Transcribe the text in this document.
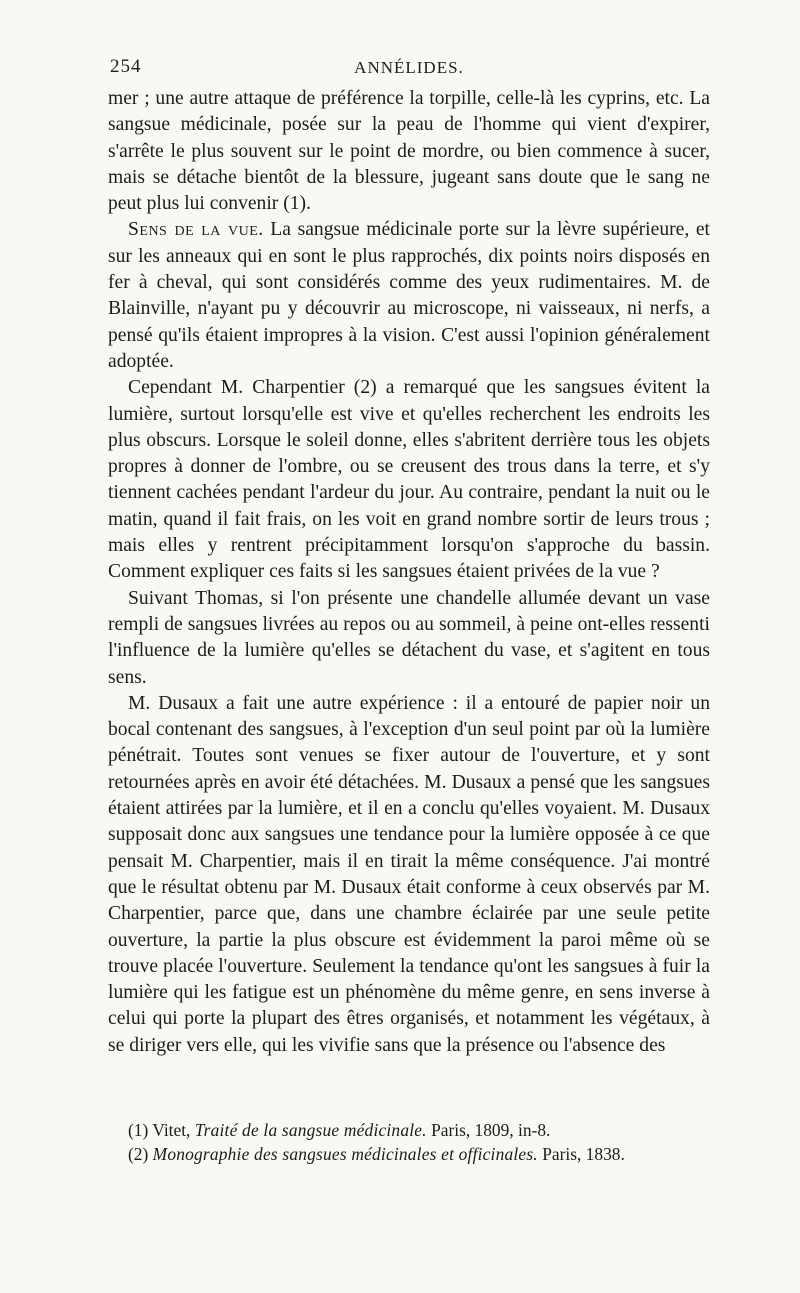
254	ANNÉLIDES.

mer ; une autre attaque de préférence la torpille, celle-là les cyprins, etc. La sangsue médicinale, posée sur la peau de l'homme qui vient d'expirer, s'arrête le plus souvent sur le point de mordre, ou bien commence à sucer, mais se détache bientôt de la blessure, jugeant sans doute que le sang ne peut plus lui convenir (1).

Sens de la vue. La sangsue médicinale porte sur la lèvre supérieure, et sur les anneaux qui en sont le plus rapprochés, dix points noirs disposés en fer à cheval, qui sont considérés comme des yeux rudimentaires. M. de Blainville, n'ayant pu y découvrir au microscope, ni vaisseaux, ni nerfs, a pensé qu'ils étaient impropres à la vision. C'est aussi l'opinion généralement adoptée.

Cependant M. Charpentier (2) a remarqué que les sangsues évitent la lumière, surtout lorsqu'elle est vive et qu'elles recherchent les endroits les plus obscurs. Lorsque le soleil donne, elles s'abritent derrière tous les objets propres à donner de l'ombre, ou se creusent des trous dans la terre, et s'y tiennent cachées pendant l'ardeur du jour. Au contraire, pendant la nuit ou le matin, quand il fait frais, on les voit en grand nombre sortir de leurs trous ; mais elles y rentrent précipitamment lorsqu'on s'approche du bassin. Comment expliquer ces faits si les sangsues étaient privées de la vue ?

Suivant Thomas, si l'on présente une chandelle allumée devant un vase rempli de sangsues livrées au repos ou au sommeil, à peine ont-elles ressenti l'influence de la lumière qu'elles se détachent du vase, et s'agitent en tous sens.

M. Dusaux a fait une autre expérience : il a entouré de papier noir un bocal contenant des sangsues, à l'exception d'un seul point par où la lumière pénétrait. Toutes sont venues se fixer autour de l'ouverture, et y sont retournées après en avoir été détachées. M. Dusaux a pensé que les sangsues étaient attirées par la lumière, et il en a conclu qu'elles voyaient. M. Dusaux supposait donc aux sangsues une tendance pour la lumière opposée à ce que pensait M. Charpentier, mais il en tirait la même conséquence. J'ai montré que le résultat obtenu par M. Dusaux était conforme à ceux observés par M. Charpentier, parce que, dans une chambre éclairée par une seule petite ouverture, la partie la plus obscure est évidemment la paroi même où se trouve placée l'ouverture. Seulement la tendance qu'ont les sangsues à fuir la lumière qui les fatigue est un phénomène du même genre, en sens inverse à celui qui porte la plupart des êtres organisés, et notamment les végétaux, à se diriger vers elle, qui les vivifie sans que la présence ou l'absence des

(1) Vitet, Traité de la sangsue médicinale. Paris, 1809, in-8.

(2) Monographie des sangsues médicinales et officinales. Paris, 1838.
